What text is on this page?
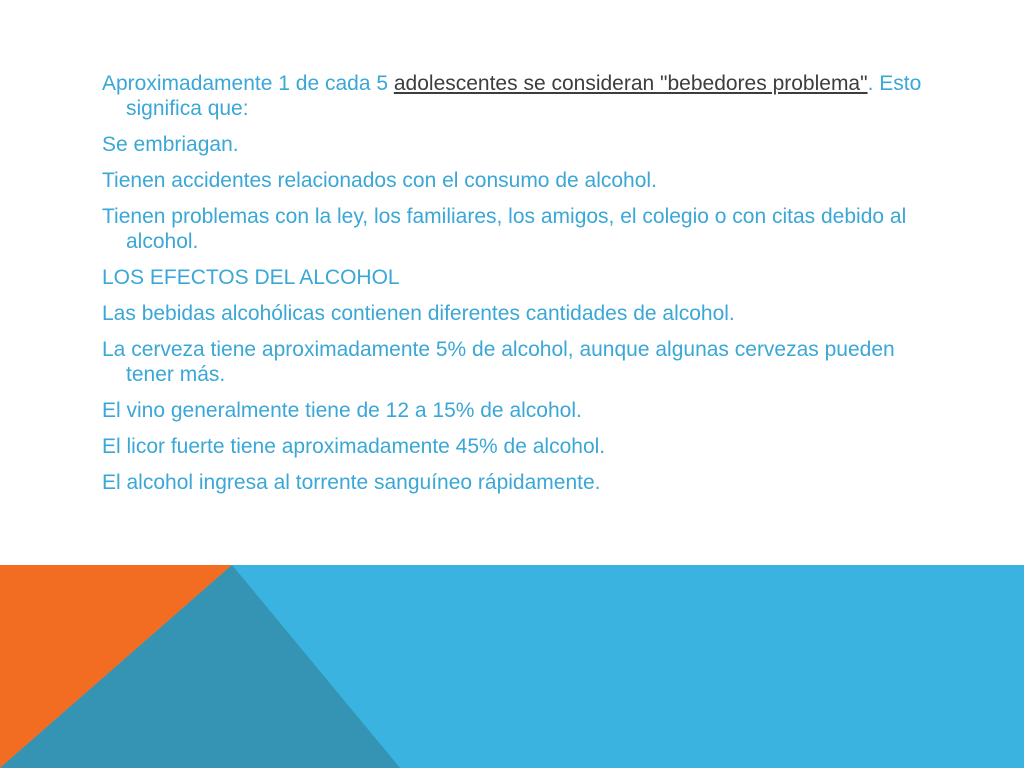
Aproximadamente 1 de cada 5 adolescentes se consideran "bebedores problema". Esto significa que:
Se embriagan.
Tienen accidentes relacionados con el consumo de alcohol.
Tienen problemas con la ley, los familiares, los amigos, el colegio o con citas debido al alcohol.
LOS EFECTOS DEL ALCOHOL
Las bebidas alcohólicas contienen diferentes cantidades de alcohol.
La cerveza tiene aproximadamente 5% de alcohol, aunque algunas cervezas pueden tener más.
El vino generalmente tiene de 12 a 15% de alcohol.
El licor fuerte tiene aproximadamente 45% de alcohol.
El alcohol ingresa al torrente sanguíneo rápidamente.
